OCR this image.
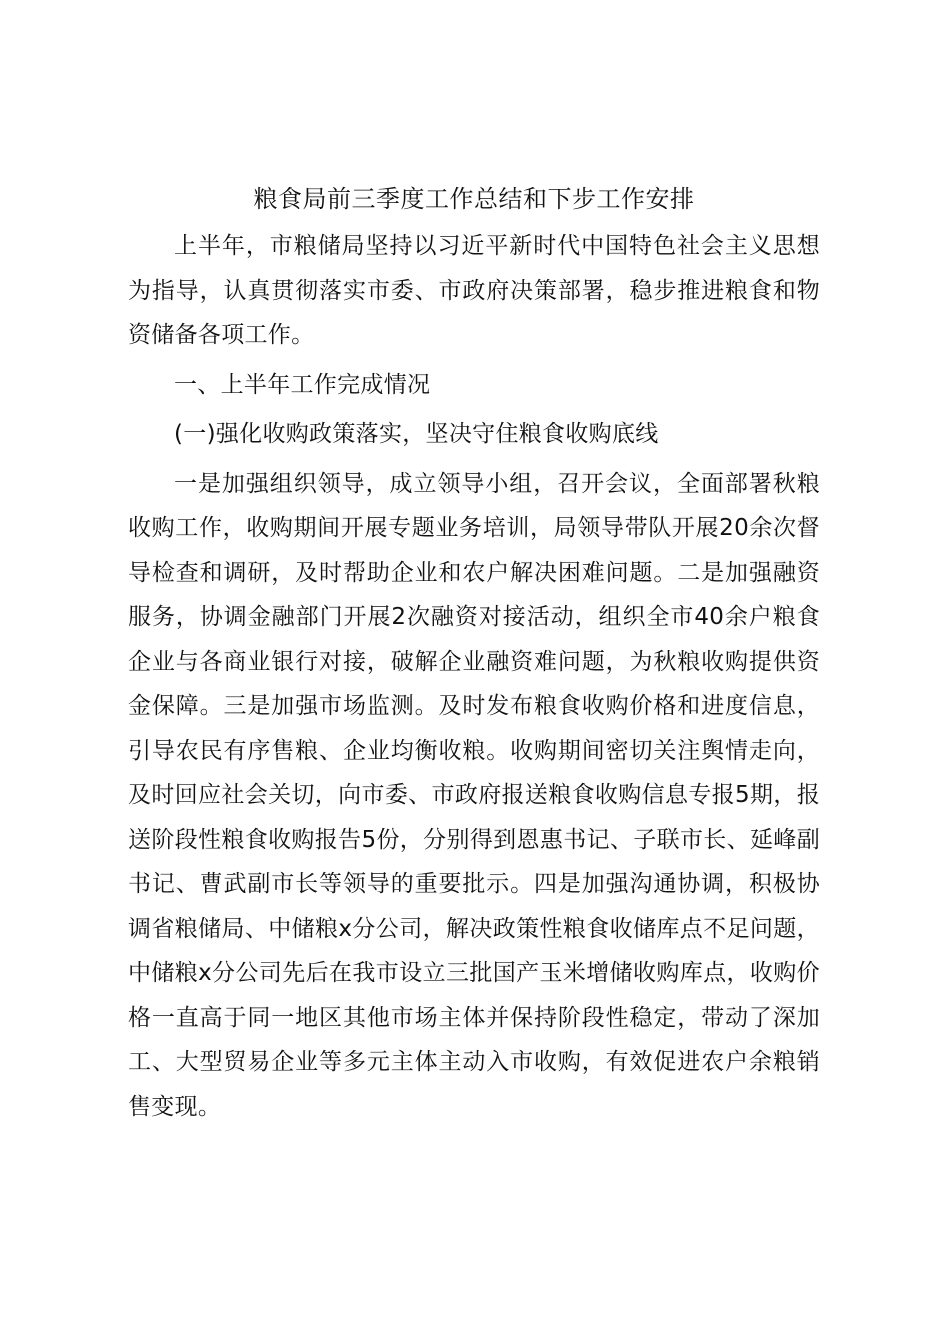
粮食局前三季度工作总结和下步工作安排

上半年，市粮储局坚持以习近平新时代中国特色社会主义思想为指导，认真贯彻落实市委、市政府决策部署，稳步推进粮食和物资储备各项工作。

一、上半年工作完成情况

(一)强化收购政策落实，坚决守住粮食收购底线

一是加强组织领导，成立领导小组，召开会议，全面部署秋粮收购工作，收购期间开展专题业务培训，局领导带队开展20余次督导检查和调研，及时帮助企业和农户解决困难问题。二是加强融资服务，协调金融部门开展2次融资对接活动，组织全市40余户粮食企业与各商业银行对接，破解企业融资难问题，为秋粮收购提供资金保障。三是加强市场监测。及时发布粮食收购价格和进度信息，引导农民有序售粮、企业均衡收粮。收购期间密切关注舆情走向，及时回应社会关切，向市委、市政府报送粮食收购信息专报5期，报送阶段性粮食收购报告5份，分别得到恩惠书记、子联市长、延峰副书记、曹武副市长等领导的重要批示。四是加强沟通协调，积极协调省粮储局、中储粮x分公司，解决政策性粮食收储库点不足问题，中储粮x分公司先后在我市设立三批国产玉米增储收购库点，收购价格一直高于同一地区其他市场主体并保持阶段性稳定，带动了深加工、大型贸易企业等多元主体主动入市收购，有效促进农户余粮销售变现。
